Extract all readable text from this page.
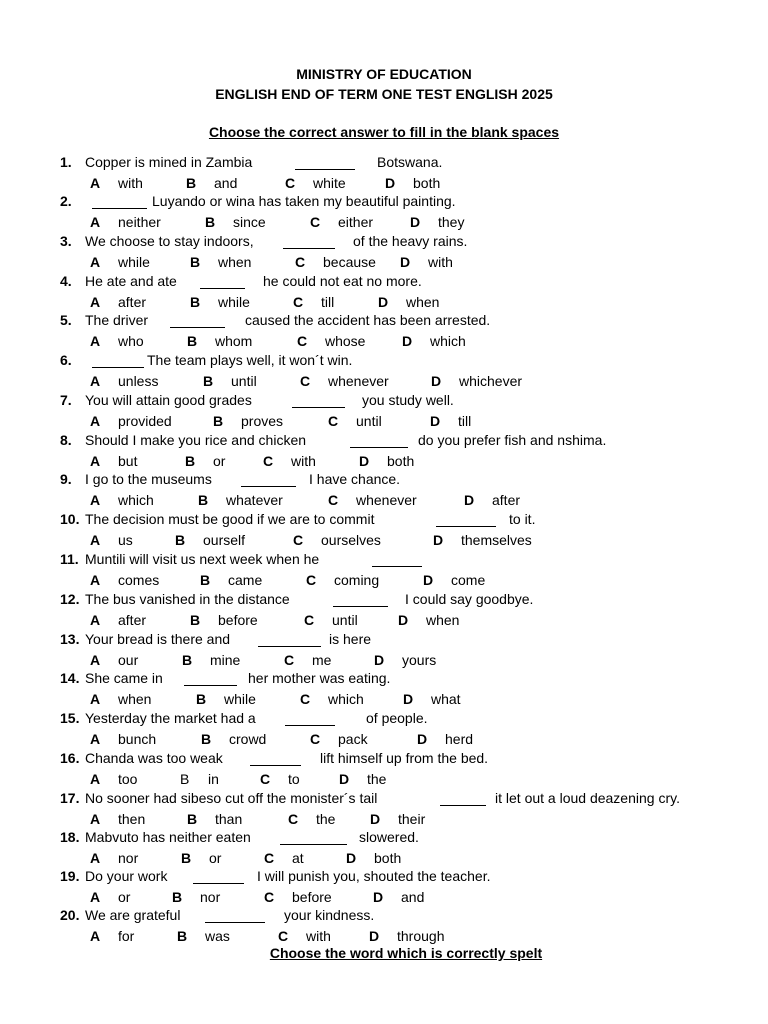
MINISTRY OF EDUCATION
ENGLISH END OF TERM ONE TEST ENGLISH 2025
Choose the correct answer to fill in the blank spaces
1. Copper is mined in Zambia	Botswana.
A with	B and	C white	D both
2.	Luyando or wina has taken my beautiful painting.
A neither	B since	C either	D they
3. We choose to stay indoors,	of the heavy rains.
A while	B when	C because D with
4. He ate and ate	he could not eat no more.
A after	B while	C till	D when
5. The driver	caused the accident has been arrested.
A who	B whom	C whose	D which
6.	The team plays well, it won´t win.
A unless	B until	C whenever	D whichever
7. You will attain good grades	you study well.
A provided	B proves	C until	D till
8. Should I make you rice and chicken	do you prefer fish and nshima.
A but	B or	C with	D both
9. I go to the museums	I have chance.
A which	B whatever	C whenever	D after
10. The decision must be good if we are to commit	to it.
A us	B ourself	C ourselves	D themselves
11. Muntili will visit us next week when he
A comes	B came	C coming	D come
12. The bus vanished in the distance	I could say goodbye.
A after	B before	C until	D when
13. Your bread is there and	is here
A our	B mine	C me	D yours
14. She came in	her mother was eating.
A when	B while	C which	D what
15. Yesterday the market had a	of people.
A bunch	B crowd	C pack	D herd
16. Chanda was too weak	lift himself up from the bed.
A too	B in	C to	D the
17. No sooner had sibeso cut off the monister´s tail	it let out a loud deazening cry.
A then	B than	C the D their
18. Mabvuto has neither eaten	slowered.
A nor	B or	C at	D both
19. Do your work	I will punish you, shouted the teacher.
A or	B nor	C before	D and
20. We are grateful	your kindness.
A for	B was	C with	D through
Choose the word which is correctly spelt
